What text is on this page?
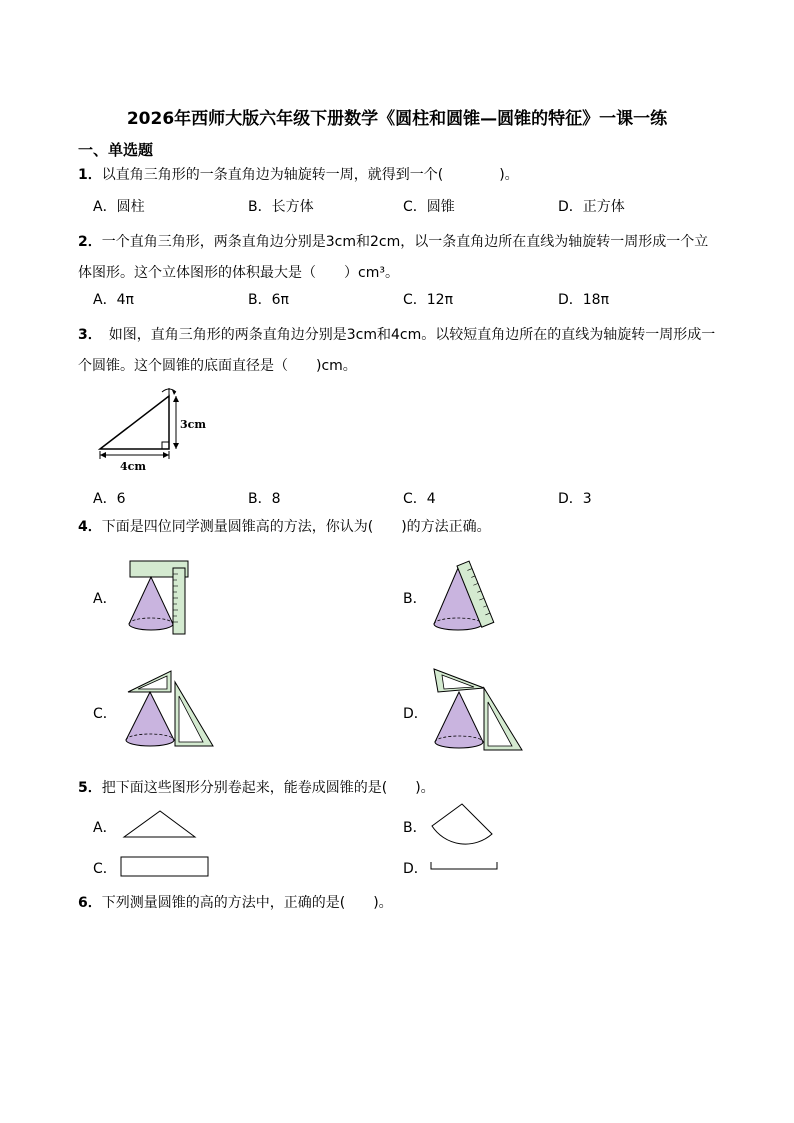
2026年西师大版六年级下册数学《圆柱和圆锥—圆锥的特征》一课一练
一、单选题
1．以直角三角形的一条直角边为轴旋转一周，就得到一个(　　　　)。
A．圆柱	B．长方体	C．圆锥	D．正方体
2．一个直角三角形，两条直角边分别是3cm和2cm，以一条直角边所在直线为轴旋转一周形成一个立体图形。这个立体图形的体积最大是（　　）cm³。
A．4π	B．6π	C．12π	D．18π
3．　如图，直角三角形的两条直角边分别是3cm和4cm。以较短直角边所在的直线为轴旋转一周形成一个圆锥。这个圆锥的底面直径是（　　)cm。
3cm
4cm
A．6	B．8	C．4	D．3
4．下面是四位同学测量圆锥高的方法，你认为(　　)的方法正确。
A．	B．
C．	D．
5．把下面这些图形分别卷起来，能卷成圆锥的是(　　)。
A．	B．
C．	D．
6．下列测量圆锥的高的方法中，正确的是(　　)。
